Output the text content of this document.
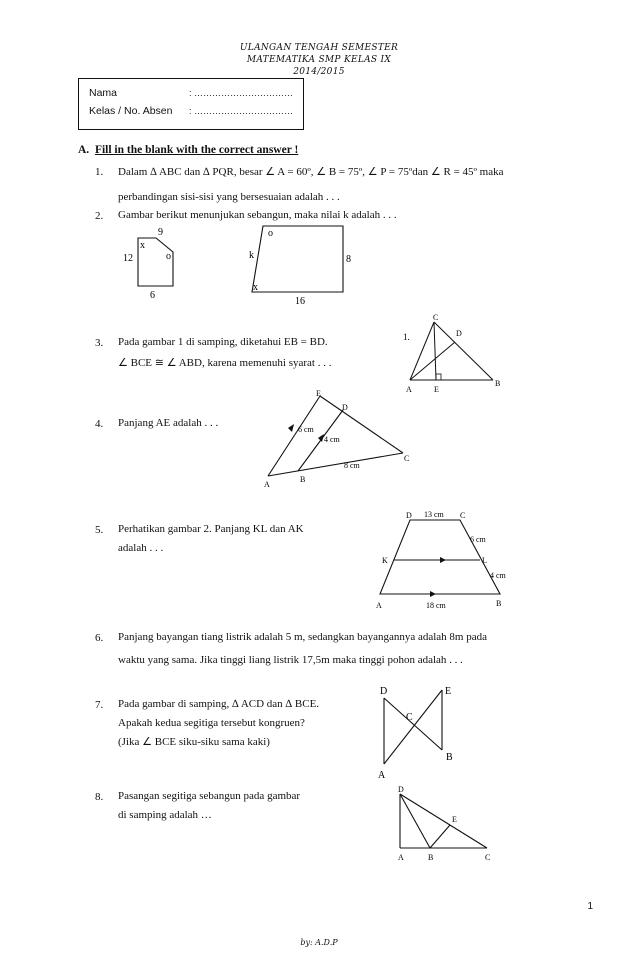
ULANGAN TENGAH SEMESTER
MATEMATIKA SMP KELAS IX
2014/2015
Nama	: ……………………………
Kelas / No. Absen : ……………………………
A. Fill in the blank with the correct answer !
1. Dalam ∆ ABC dan ∆ PQR, besar ∠ A = 60º, ∠ B = 75º, ∠ P = 75ºdan ∠ R = 45º maka
perbandingan sisi-sisi yang bersesuaian adalah . . .
2. Gambar berikut menunjukan sebangun, maka nilai k adalah . . .
9
x
12	o
6
o
k	8
x
16
3. Pada gambar 1 di samping, diketahui EB = BD.
∠ BCE ≅ ∠ ABD, karena memenuhi syarat . . .
1.
C
D
A	E
B
4. Panjang AE adalah . . .
E
D
6 cm
4 cm
8 cm
A
B
C
5. Perhatikan gambar 2. Panjang KL dan AK
adalah . . .
D 13 cm C
6 cm
K	L
4 cm
A	18 cm	B
6. Panjang bayangan tiang listrik adalah 5 m, sedangkan bayangannya adalah 8m pada
waktu yang sama. Jika tinggi liang listrik 17,5m maka tinggi pohon adalah . . .
7. Pada gambar di samping, ∆ ACD dan ∆ BCE.
Apakah kedua segitiga tersebut kongruen?
(Jika ∠ BCE siku-siku sama kaki)
D	E
C
A
B
8. Pasangan segitiga sebangun pada gambar
di samping adalah …
D
E
A	B	C
1
by: A.D.P
